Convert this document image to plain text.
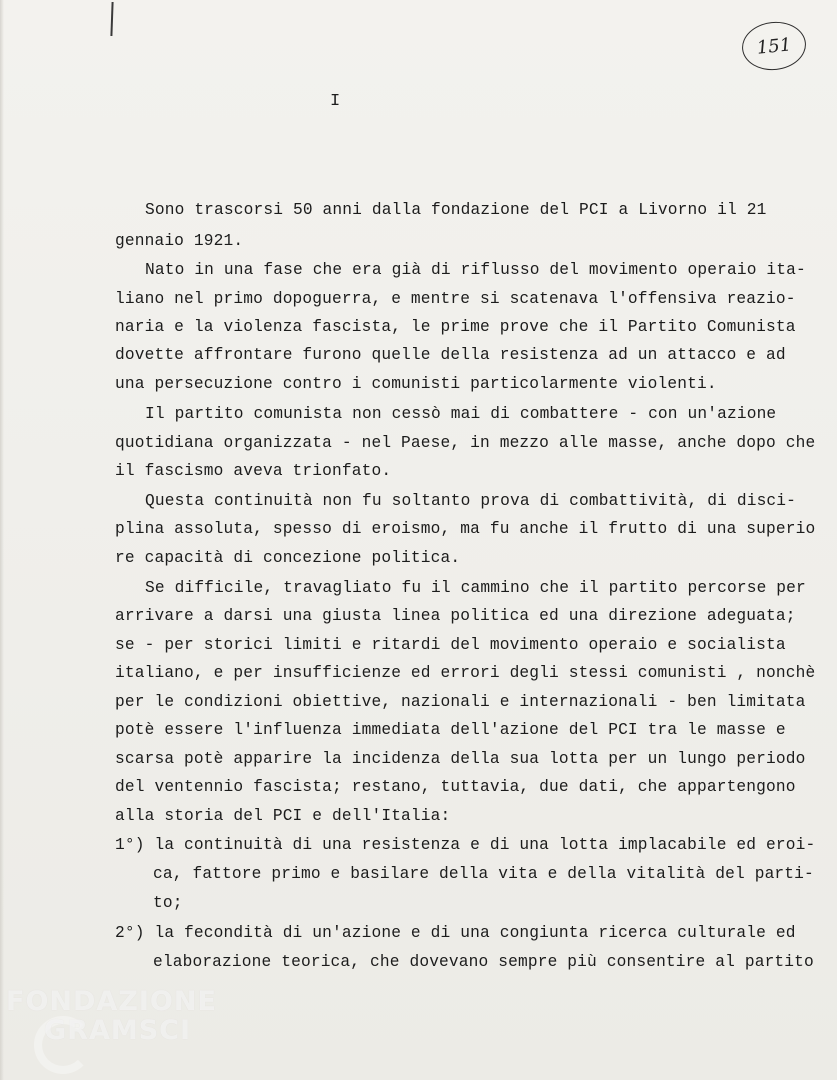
151
I

Sono trascorsi 50 anni dalla fondazione del PCI a Livorno il 21

gennaio 1921.

Nato in una fase che era già di riflusso del movimento operaio ita-

liano nel primo dopoguerra, e mentre si scatenava l'offensiva reazio-

naria e la violenza fascista, le prime prove che il Partito Comunista

dovette affrontare furono quelle della resistenza ad un attacco e ad

una persecuzione contro i comunisti particolarmente violenti.

Il partito comunista non cessò mai di combattere - con un'azione

quotidiana organizzata - nel Paese, in mezzo alle masse, anche dopo che

il fascismo aveva trionfato.

Questa continuità non fu soltanto prova di combattività, di disci-

plina assoluta, spesso di eroismo, ma fu anche il frutto di una superio

re capacità di concezione politica.

Se difficile, travagliato fu il cammino che il partito percorse per

arrivare a darsi una giusta linea politica ed una direzione adeguata;

se - per storici limiti e ritardi del movimento operaio e socialista

italiano, e per insufficienze ed errori degli stessi comunisti , nonchè

per le condizioni obiettive, nazionali e internazionali - ben limitata

potè essere l'influenza immediata dell'azione del PCI tra le masse e

scarsa potè apparire la incidenza della sua lotta per un lungo periodo

del ventennio fascista; restano, tuttavia, due dati, che appartengono

alla storia del PCI e dell'Italia:

1°) la continuità di una resistenza e di una lotta implacabile ed eroi-

ca, fattore primo e basilare della vita e della vitalità del parti-

to;

2°) la fecondità di un'azione e di una congiunta ricerca culturale ed

elaborazione teorica, che dovevano sempre più consentire al partito

FONDAZIONE
GRAMSCI
